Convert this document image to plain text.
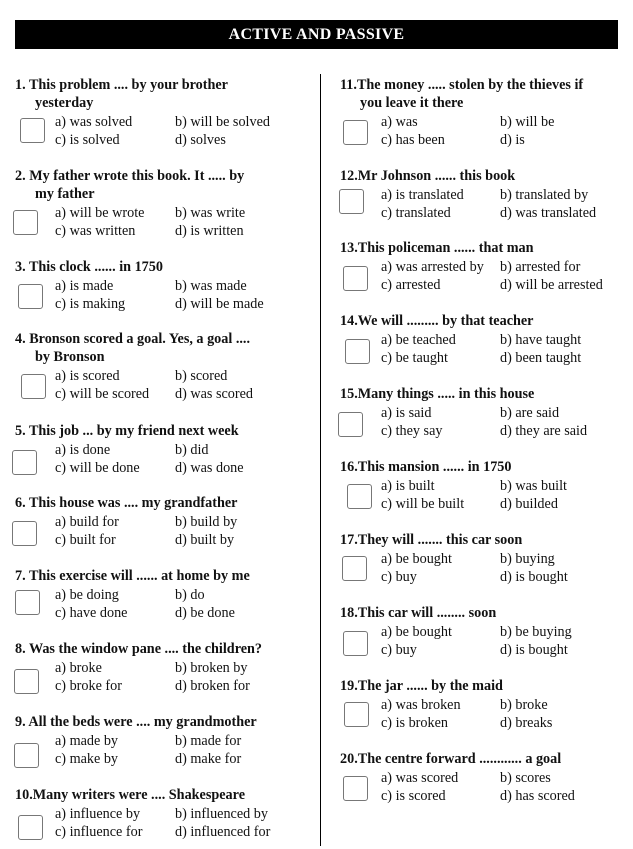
ACTIVE AND PASSIVE
1. This problem .... by your brother
yesterday
a) was solved	b) will be solved
c) is solved	d) solves
2. My father wrote this book. It ..... by
my father
a) will be wrote	b) was write
c) was written	d) is written
3. This clock ...... in 1750
a) is made	b) was made
c) is making	d) will be made
4. Bronson scored a goal. Yes, a goal ....
by Bronson
a) is scored	b) scored
c) will be scored	d) was scored
5. This job ... by my friend next week
a) is done	b) did
c) will be done	d) was done
6. This house was .... my grandfather
a) build for	b) build by
c) built for	d) built by
7. This exercise will ...... at home by me
a) be doing	b) do
c) have done	d) be done
8. Was the window pane .... the children?
a) broke	b) broken by
c) broke for	d) broken for
9. All the beds were .... my grandmother
a) made by	b) made for
c) make by	d) make for
10.Many writers were .... Shakespeare
a) influence by	b) influenced by
c) influence for	d) influenced for
11.The money ..... stolen by the thieves if
you leave it there
a) was	b) will be
c) has been	d) is
12.Mr Johnson ...... this book
a) is translated	b) translated by
c) translated	d) was translated
13.This policeman ...... that man
a) was arrested by	b) arrested for
c) arrested	d) will be arrested
14.We will ......... by that teacher
a) be teached	b) have taught
c) be taught	d) been taught
15.Many things ..... in this house
a) is said	b) are said
c) they say	d) they are said
16.This mansion ...... in 1750
a) is built	b) was built
c) will be built	d) builded
17.They will ....... this car soon
a) be bought	b) buying
c) buy	d) is bought
18.This car will ........ soon
a) be bought	b) be buying
c) buy	d) is bought
19.The jar ...... by the maid
a) was broken	b) broke
c) is broken	d) breaks
20.The centre forward ............ a goal
a) was scored	b) scores
c) is scored	d) has scored
